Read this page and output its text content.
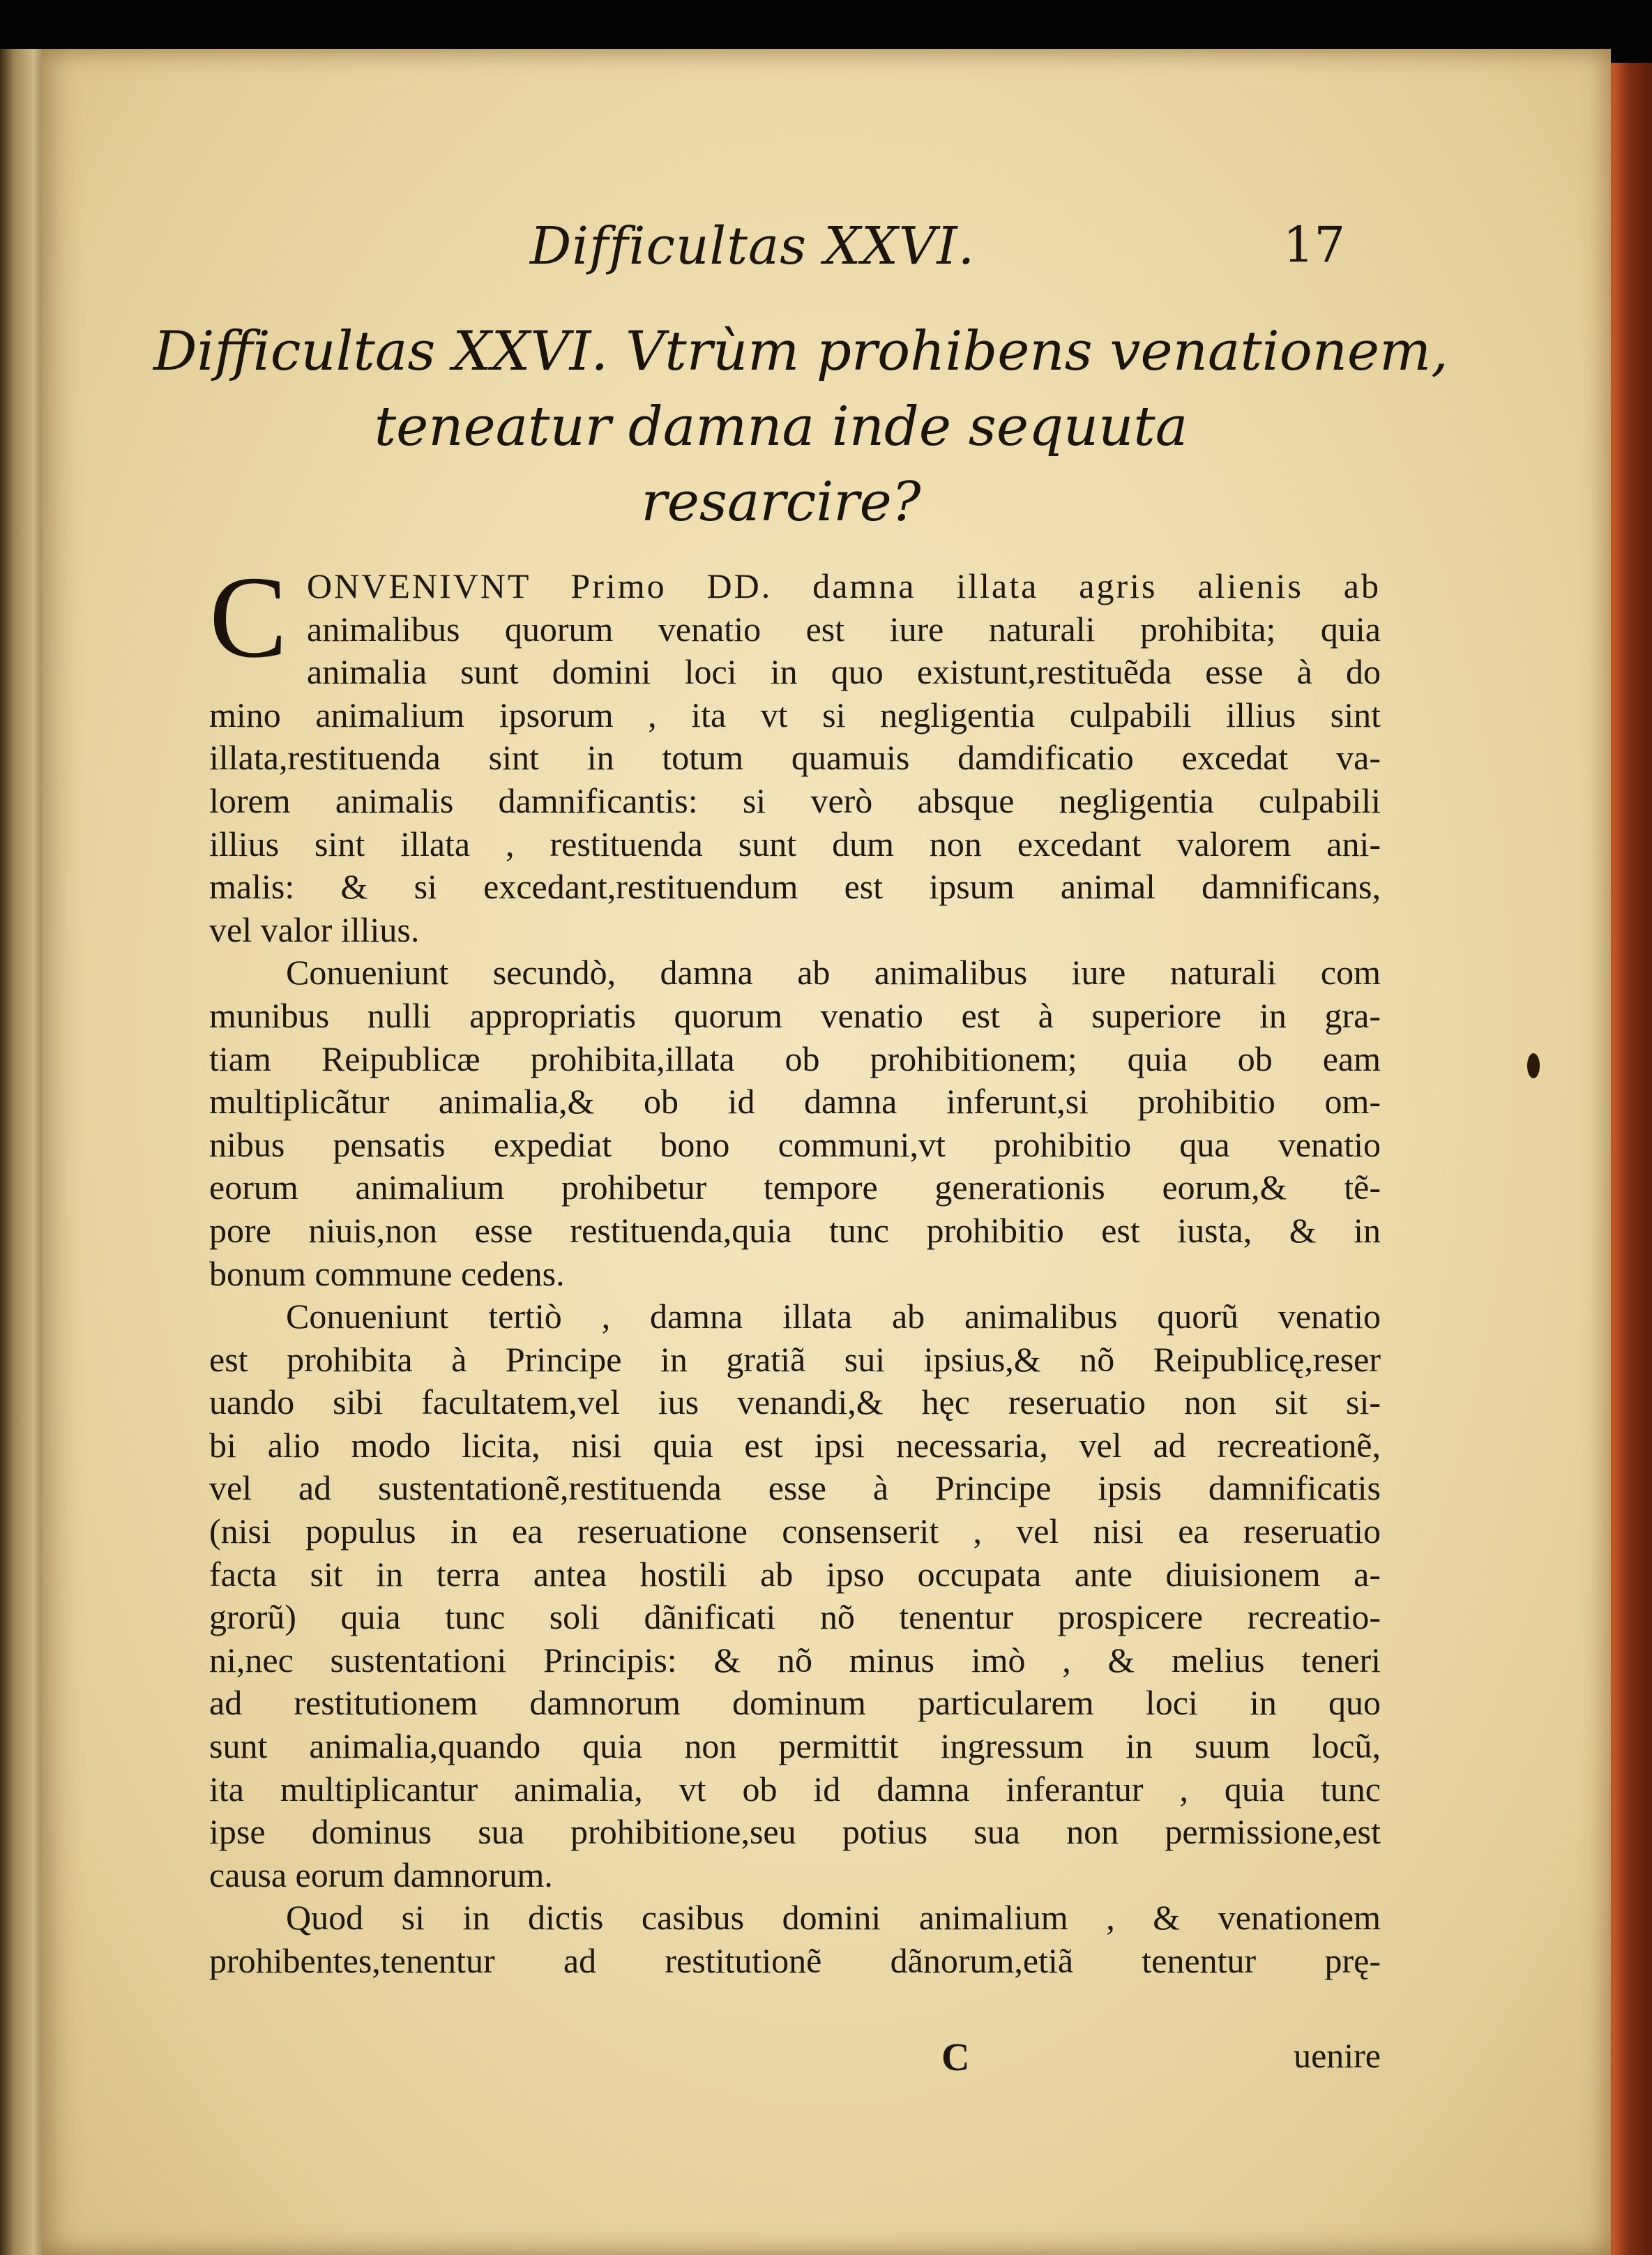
Difficultas XXVI.	17
Difficultas XXVI. Vtrùm prohibens venationem,
teneatur damna inde sequuta
resarcire?
C ONVENIVNT Primo DD. damna illata agris alienis ab
animalibus quorum venatio est iure naturali prohibita; quia
animalia sunt domini loci in quo existunt,restituẽda esse à do
mino animalium ipsorum , ita vt si negligentia culpabili illius sint
illata,restituenda sint in totum quamuis damdificatio excedat va-
lorem animalis damnificantis: si verò absque negligentia culpabili
illius sint illata , restituenda sunt dum non excedant valorem ani-
malis: & si excedant,restituendum est ipsum animal damnificans,
vel valor illius.
Conueniunt secundò, damna ab animalibus iure naturali com
munibus nulli appropriatis quorum venatio est à superiore in gra-
tiam Reipublicæ prohibita,illata ob prohibitionem; quia ob eam
multiplicãtur animalia,& ob id damna inferunt,si prohibitio om-
nibus pensatis expediat bono communi,vt prohibitio qua venatio
eorum animalium prohibetur tempore generationis eorum,& tẽ-
pore niuis,non esse restituenda,quia tunc prohibitio est iusta, & in
bonum commune cedens.
Conueniunt tertiò , damna illata ab animalibus quorũ venatio
est prohibita à Principe in gratiã sui ipsius,& nõ Reipublicę,reser
uando sibi facultatem,vel ius venandi,& hęc reseruatio non sit si-
bi alio modo licita, nisi quia est ipsi necessaria, vel ad recreationẽ,
vel ad sustentationẽ,restituenda esse à Principe ipsis damnificatis
(nisi populus in ea reseruatione consenserit , vel nisi ea reseruatio
facta sit in terra antea hostili ab ipso occupata ante diuisionem a-
grorũ) quia tunc soli dãnificati nõ tenentur prospicere recreatio-
ni,nec sustentationi Principis: & nõ minus imò , & melius teneri
ad restitutionem damnorum dominum particularem loci in quo
sunt animalia,quando quia non permittit ingressum in suum locũ,
ita multiplicantur animalia, vt ob id damna inferantur , quia tunc
ipse dominus sua prohibitione,seu potius sua non permissione,est
causa eorum damnorum.
Quod si in dictis casibus domini animalium , & venationem
prohibentes,tenentur ad restitutionẽ dãnorum,etiã tenentur prę-
C	uenire
